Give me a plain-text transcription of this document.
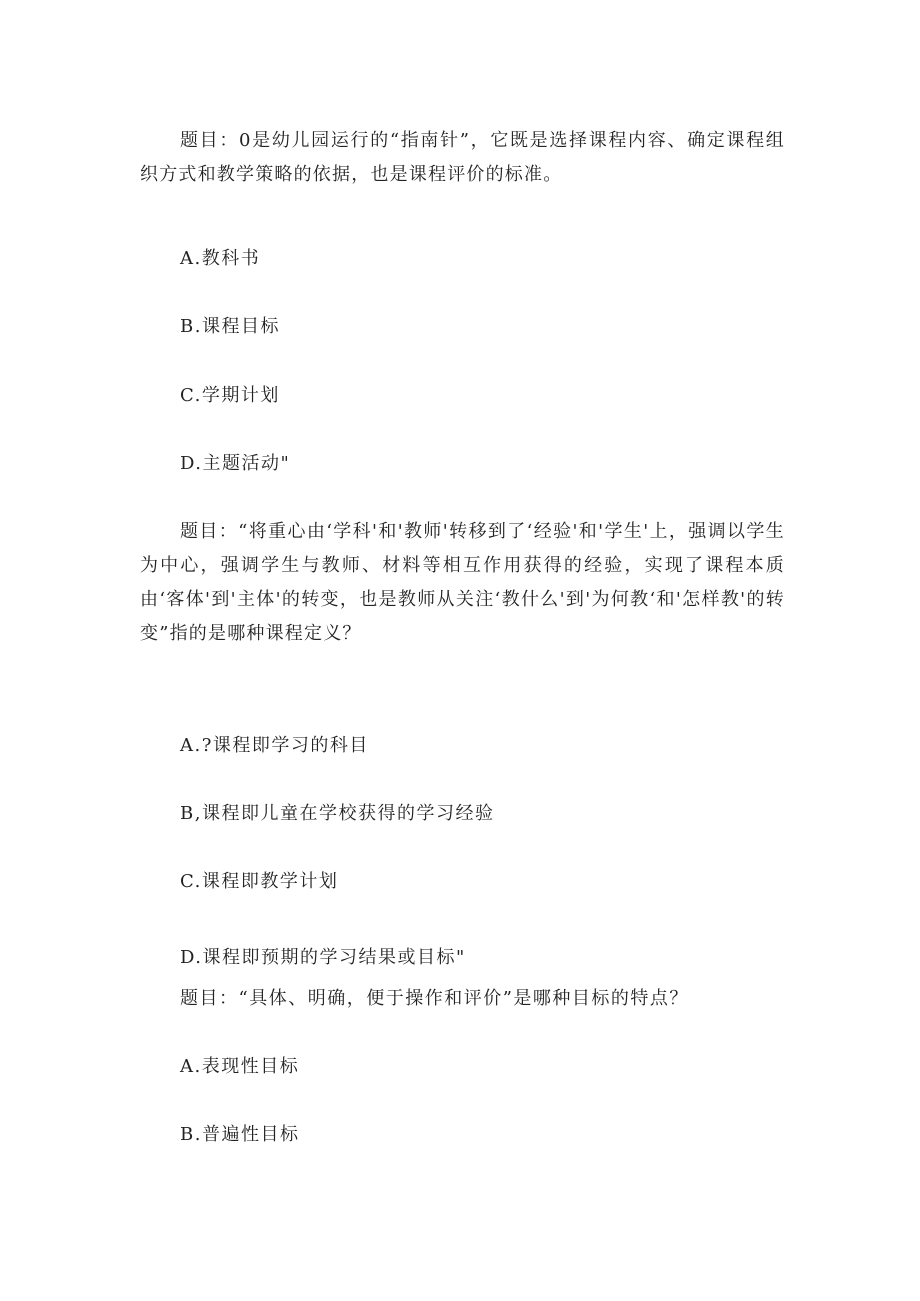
题目：0是幼儿园运行的“指南针”，它既是选择课程内容、确定课程组织方式和教学策略的依据，也是课程评价的标准。
A.教科书
B.课程目标
C.学期计划
D.主题活动"
题目：“将重心由‘学科'和'教师'转移到了‘经验'和'学生'上，强调以学生为中心，强调学生与教师、材料等相互作用获得的经验，实现了课程本质由‘客体'到'主体'的转变，也是教师从关注‘教什么'到'为何教‘和'怎样教'的转变”指的是哪种课程定义？
A.?课程即学习的科目
B,课程即儿童在学校获得的学习经验
C.课程即教学计划
D.课程即预期的学习结果或目标"
题目：“具体、明确，便于操作和评价”是哪种目标的特点？
A.表现性目标
B.普遍性目标
